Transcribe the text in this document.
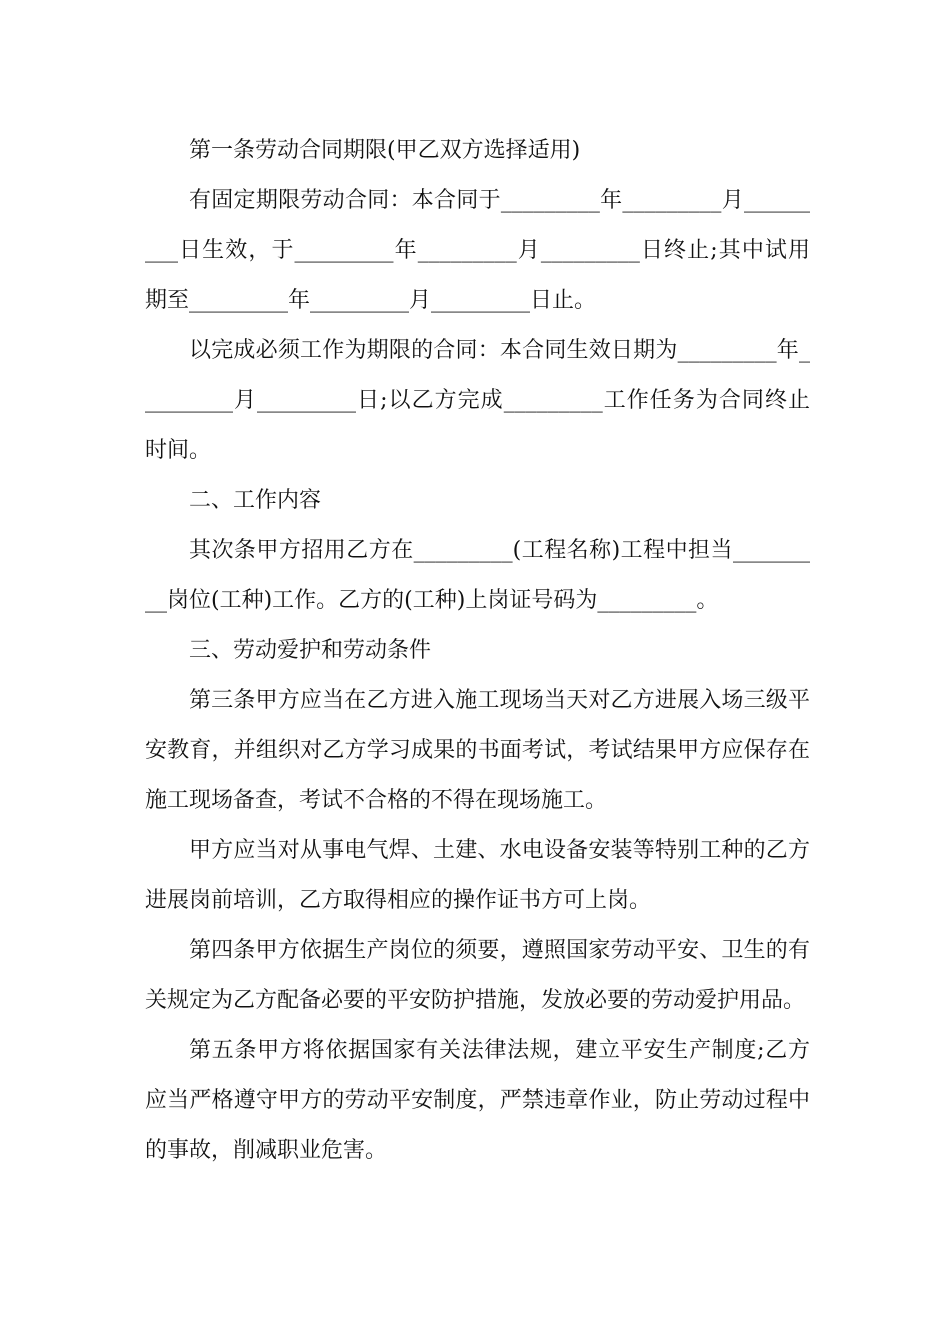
第一条劳动合同期限(甲乙双方选择适用)

有固定期限劳动合同：本合同于_________年_________月_________日生效，于_________年_________月_________日终止;其中试用期至_________年_________月_________日止。

以完成必须工作为期限的合同：本合同生效日期为_________年_________月_________日;以乙方完成_________工作任务为合同终止时间。

二、工作内容

其次条甲方招用乙方在_________(工程名称)工程中担当_________岗位(工种)工作。乙方的(工种)上岗证号码为_________。

三、劳动爱护和劳动条件

第三条甲方应当在乙方进入施工现场当天对乙方进展入场三级平安教育，并组织对乙方学习成果的书面考试，考试结果甲方应保存在施工现场备查，考试不合格的不得在现场施工。

甲方应当对从事电气焊、土建、水电设备安装等特别工种的乙方进展岗前培训，乙方取得相应的操作证书方可上岗。

第四条甲方依据生产岗位的须要，遵照国家劳动平安、卫生的有关规定为乙方配备必要的平安防护措施，发放必要的劳动爱护用品。

第五条甲方将依据国家有关法律法规，建立平安生产制度;乙方应当严格遵守甲方的劳动平安制度，严禁违章作业，防止劳动过程中的事故，削减职业危害。
